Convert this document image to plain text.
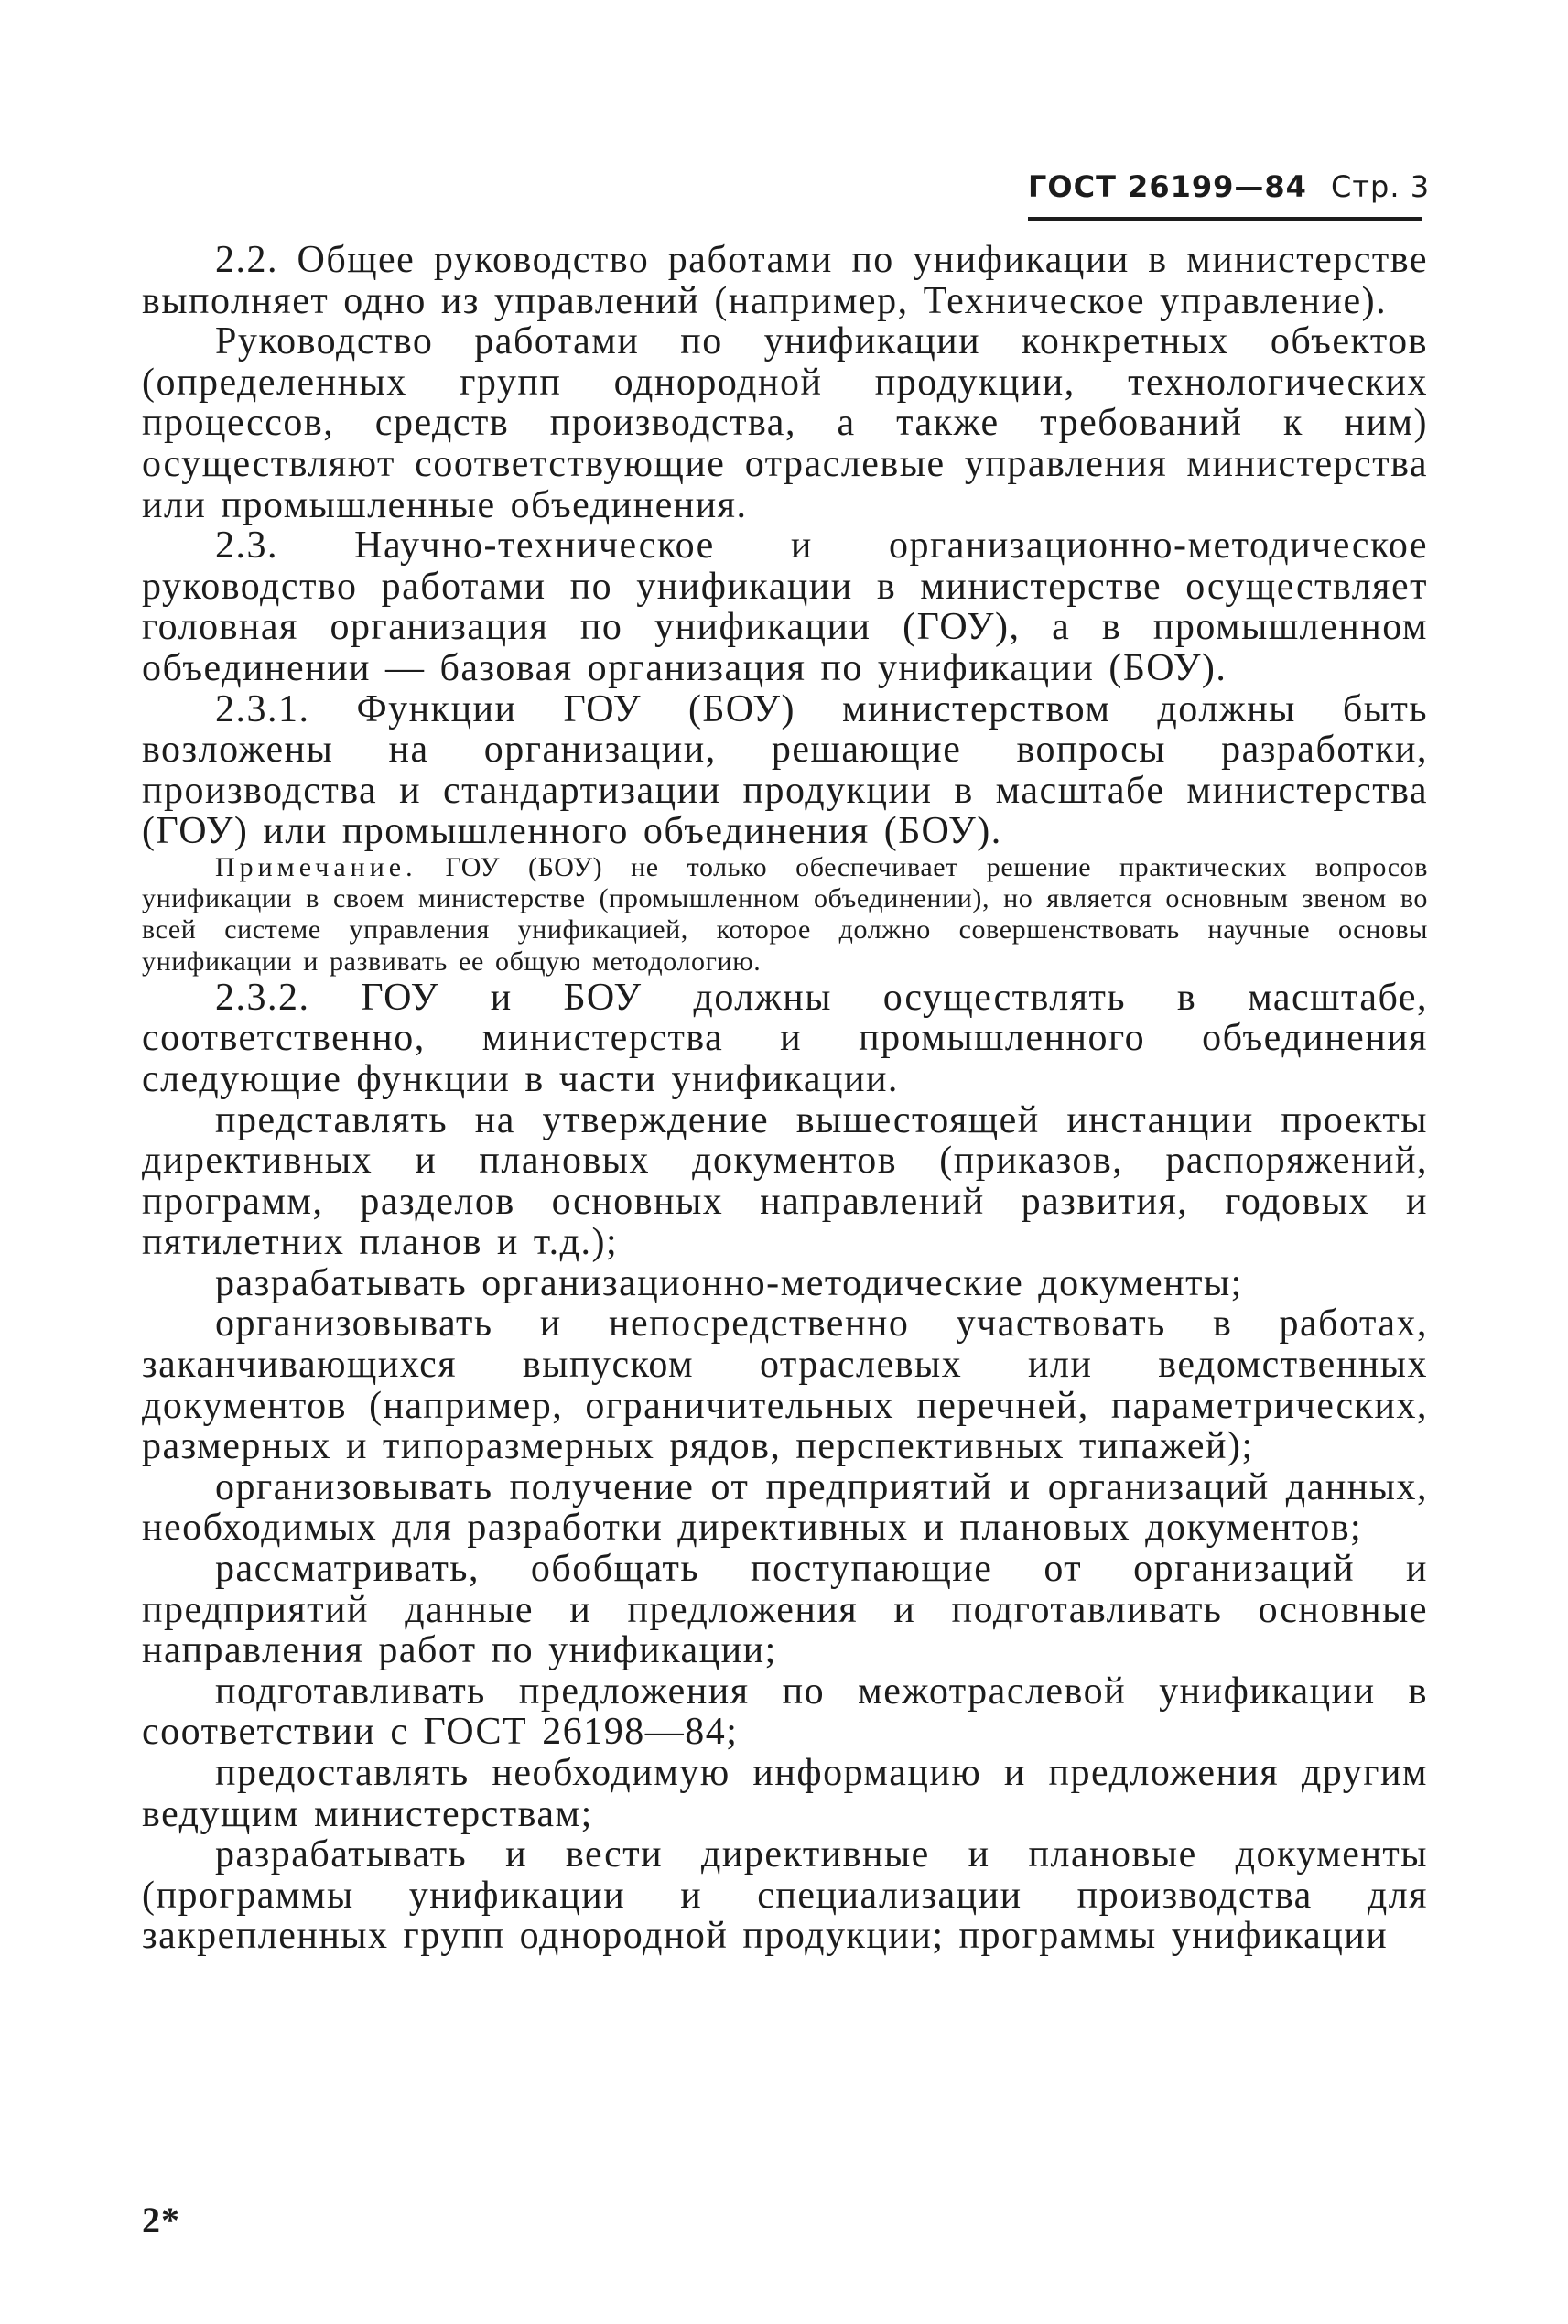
ГОСТ 26199—84 Стр. 3

2.2. Общее руководство работами по унификации в министерстве выполняет одно из управлений (например, Техническое управление).

Руководство работами по унификации конкретных объектов (определенных групп однородной продукции, технологических процессов, средств производства, а также требований к ним) осуществляют соответствующие отраслевые управления министерства или промышленные объединения.

2.3. Научно-техническое и организационно-методическое руководство работами по унификации в министерстве осуществляет головная организация по унификации (ГОУ), а в промышленном объединении — базовая организация по унификации (БОУ).

2.3.1. Функции ГОУ (БОУ) министерством должны быть возложены на организации, решающие вопросы разработки, производства и стандартизации продукции в масштабе министерства (ГОУ) или промышленного объединения (БОУ).

Примечание. ГОУ (БОУ) не только обеспечивает решение практических вопросов унификации в своем министерстве (промышленном объединении), но является основным звеном во всей системе управления унификацией, которое должно совершенствовать научные основы унификации и развивать ее общую методологию.

2.3.2. ГОУ и БОУ должны осуществлять в масштабе, соответственно, министерства и промышленного объединения следующие функции в части унификации.

представлять на утверждение вышестоящей инстанции проекты директивных и плановых документов (приказов, распоряжений, программ, разделов основных направлений развития, годовых и пятилетних планов и т.д.);

разрабатывать организационно-методические документы;

организовывать и непосредственно участвовать в работах, заканчивающихся выпуском отраслевых или ведомственных документов (например, ограничительных перечней, параметрических, размерных и типоразмерных рядов, перспективных типажей);

организовывать получение от предприятий и организаций данных, необходимых для разработки директивных и плановых документов;

рассматривать, обобщать поступающие от организаций и предприятий данные и предложения и подготавливать основные направления работ по унификации;

подготавливать предложения по межотраслевой унификации в соответствии с ГОСТ 26198—84;

предоставлять необходимую информацию и предложения другим ведущим министерствам;

разрабатывать и вести директивные и плановые документы (программы унификации и специализации производства для закрепленных групп однородной продукции; программы унификации

2*
